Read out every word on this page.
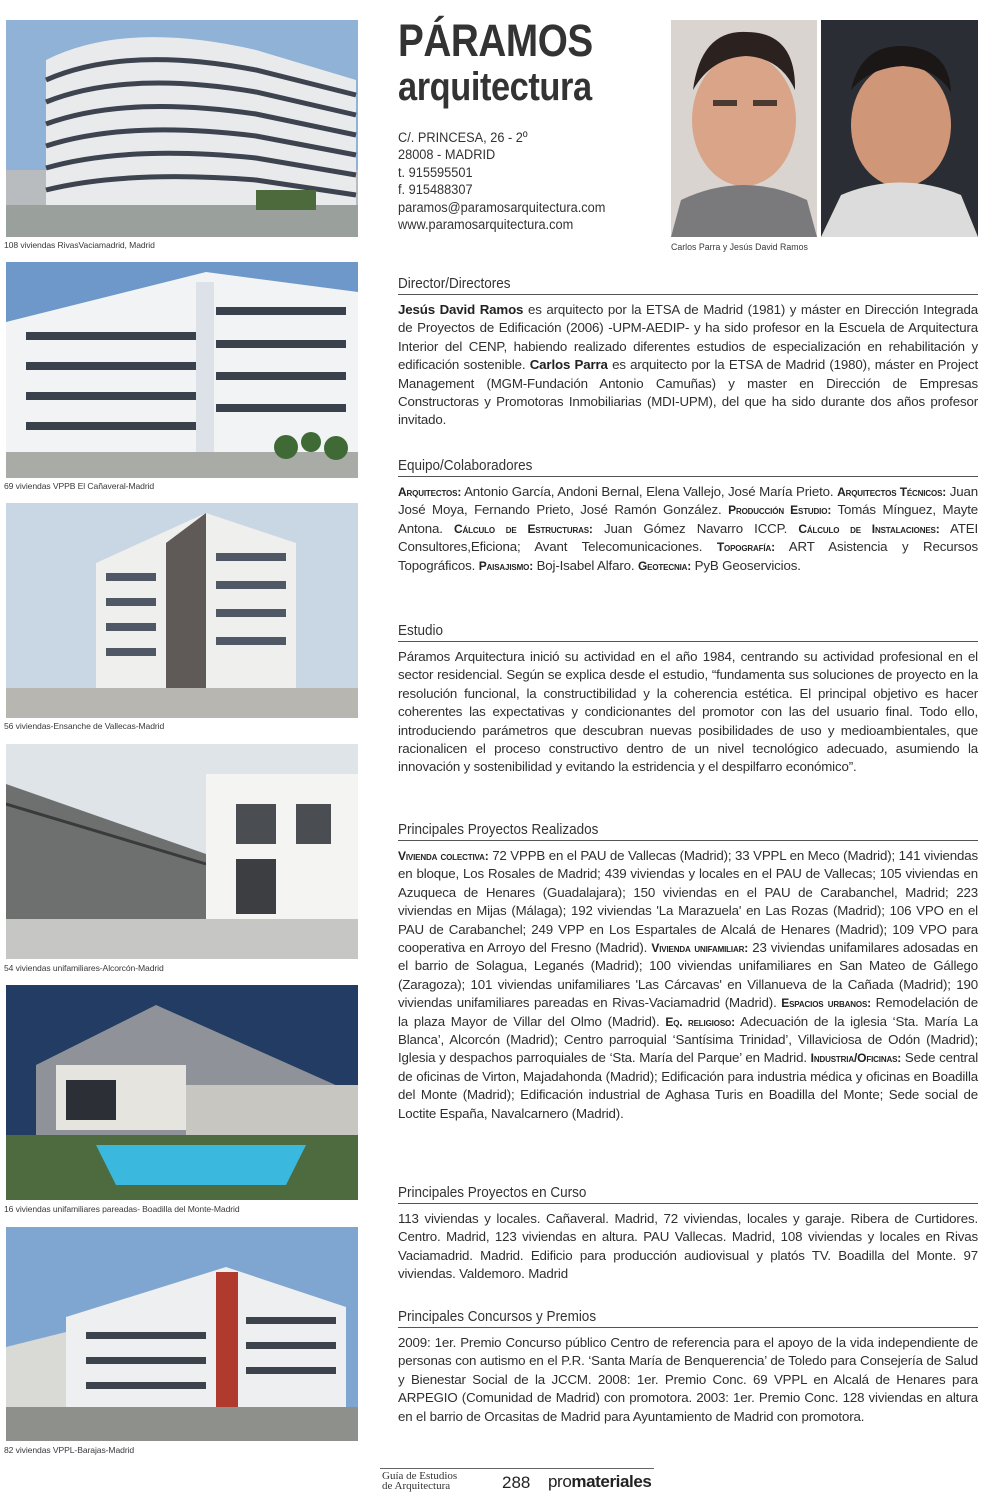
108 viviendas RivasVaciamadrid, Madrid
69 viviendas VPPB El Cañaveral-Madrid
56 viviendas-Ensanche de Vallecas-Madrid
54 viviendas unifamiliares-Alcorcón-Madrid
16 viviendas unifamiliares pareadas- Boadilla del Monte-Madrid
82 viviendas VPPL-Barajas-Madrid
PÁRAMOS
arquitectura
C/. PRINCESA, 26 - 2º
28008 - MADRID
t. 915595501
f. 915488307
paramos@paramosarquitectura.com
www.paramosarquitectura.com
Carlos Parra y Jesús David Ramos
Director/Directores
Jesús David Ramos es arquitecto por la ETSA de Madrid (1981) y máster en Dirección Integrada de Proyectos de Edificación (2006) -UPM-AEDIP- y ha sido profesor en la Escuela de Arquitectura Interior del CENP, habiendo realizado diferentes estudios de especialización en rehabilitación y edificación sostenible. Carlos Parra es arquitecto por la ETSA de Madrid (1980), máster en Project Management (MGM-Fundación Antonio Camuñas) y master en Dirección de Empresas Constructoras y Promotoras Inmobiliarias (MDI-UPM), del que ha sido durante dos años profesor invitado.
Equipo/Colaboradores
Arquitectos: Antonio García, Andoni Bernal, Elena Vallejo, José María Prieto. Arquitectos Técnicos: Juan José Moya, Fernando Prieto, José Ramón González. Producción Estudio: Tomás Mínguez, Mayte Antona. Cálculo de Estructuras: Juan Gómez Navarro ICCP. Cálculo de Instalaciones: ATEI Consultores,Eficiona; Avant Telecomunicaciones. Topografía: ART Asistencia y Recursos Topográficos. Paisajismo: Boj-Isabel Alfaro. Geotecnia: PyB Geoservicios.
Estudio
Páramos Arquitectura inició su actividad en el año 1984, centrando su actividad profesional en el sector residencial. Según se explica desde el estudio, “fundamenta sus soluciones de proyecto en la resolución funcional, la constructibilidad y la coherencia estética. El principal objetivo es hacer coherentes las expectativas y condicionantes del promotor con las del usuario final. Todo ello, introduciendo parámetros que descubran nuevas posibilidades de uso y medioambientales, que racionalicen el proceso constructivo dentro de un nivel tecnológico adecuado, asumiendo la innovación y sostenibilidad y evitando la estridencia y el despilfarro económico”.
Principales Proyectos Realizados
Vivienda colectiva: 72 VPPB en el PAU de Vallecas (Madrid); 33 VPPL en Meco (Madrid); 141 viviendas en bloque, Los Rosales de Madrid; 439 viviendas y locales en el PAU de Vallecas; 105 viviendas en Azuqueca de Henares (Guadalajara); 150 viviendas en el PAU de Carabanchel, Madrid; 223 viviendas en Mijas (Málaga); 192 viviendas 'La Marazuela' en Las Rozas (Madrid); 106 VPO en el PAU de Carabanchel; 249 VPP en Los Espartales de Alcalá de Henares (Madrid); 109 VPO para cooperativa en Arroyo del Fresno (Madrid). Vivienda unifamiliar: 23 viviendas unifamilares adosadas en el barrio de Solagua, Leganés (Madrid); 100 viviendas unifamiliares en San Mateo de Gállego (Zaragoza); 101 viviendas unifamiliares 'Las Cárcavas' en Villanueva de la Cañada (Madrid); 190 viviendas unifamiliares pareadas en Rivas-Vaciamadrid (Madrid). Espacios urbanos: Remodelación de la plaza Mayor de Villar del Olmo (Madrid). Eq. religioso: Adecuación de la iglesia ‘Sta. María La Blanca’, Alcorcón (Madrid); Centro parroquial ‘Santísima Trinidad’, Villaviciosa de Odón (Madrid); Iglesia y despachos parroquiales de ‘Sta. María del Parque’ en Madrid. Industria/Oficinas: Sede central de oficinas de Virton, Majadahonda (Madrid); Edificación para industria médica y oficinas en Boadilla del Monte (Madrid); Edificación industrial de Aghasa Turis en Boadilla del Monte; Sede social de Loctite España, Navalcarnero (Madrid).
Principales Proyectos en Curso
113 viviendas y locales. Cañaveral. Madrid, 72 viviendas, locales y garaje. Ribera de Curtidores. Centro. Madrid, 123 viviendas en altura. PAU Vallecas. Madrid, 108 viviendas y locales en Rivas Vaciamadrid. Madrid. Edificio para producción audiovisual y platós TV. Boadilla del Monte. 97 viviendas. Valdemoro. Madrid
Principales Concursos y Premios
2009: 1er. Premio Concurso público Centro de referencia para el apoyo de la vida independiente de personas con autismo en el P.R. ‘Santa María de Benquerencia’ de Toledo para Consejería de Salud y Bienestar Social de la JCCM. 2008: 1er. Premio Conc. 69 VPPL en Alcalá de Henares para ARPEGIO (Comunidad de Madrid) con promotora. 2003: 1er. Premio Conc. 128 viviendas en altura en el barrio de Orcasitas de Madrid para Ayuntamiento de Madrid con promotora.
Guía de Estudios
de Arquitectura	288 promateriales
